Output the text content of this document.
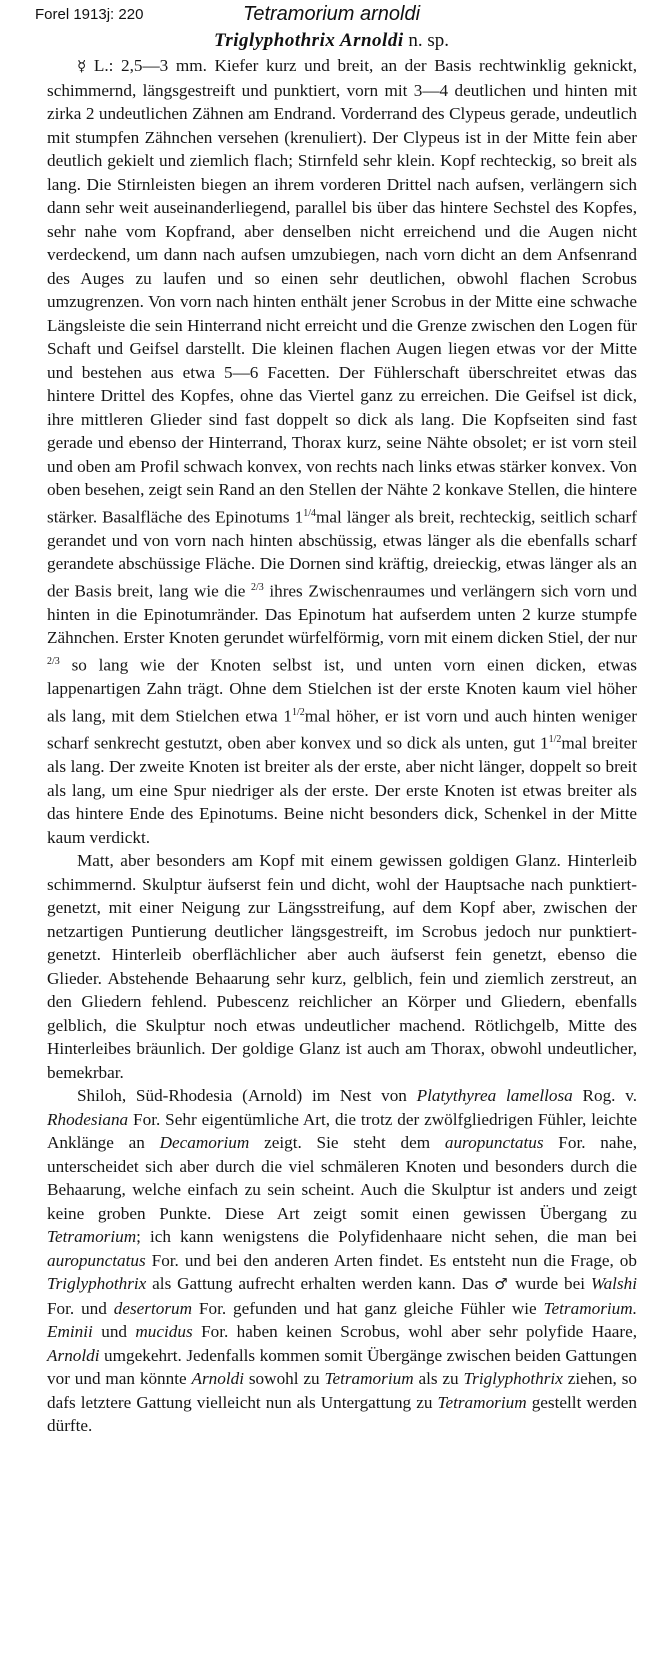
Forel 1913j: 220	Tetramorium arnoldi
Triglyphothrix Arnoldi n. sp.

☿ L.: 2,5—3 mm. Kiefer kurz und breit, an der Basis rechtwinklig geknickt, schimmernd, längsgestreift und punktiert, vorn mit 3—4 deutlichen und hinten mit zirka 2 undeutlichen Zähnen am Endrand. Vorderrand des Clypeus gerade, undeutlich mit stumpfen Zähnchen versehen (krenuliert). Der Clypeus ist in der Mitte fein aber deutlich gekielt und ziemlich flach; Stirnfeld sehr klein. Kopf rechteckig, so breit als lang. Die Stirnleisten biegen an ihrem vorderen Drittel nach aufsen, verlängern sich dann sehr weit auseinanderliegend, parallel bis über das hintere Sechstel des Kopfes, sehr nahe vom Kopfrand, aber denselben nicht erreichend und die Augen nicht verdeckend, um dann nach aufsen umzubiegen, nach vorn dicht an dem Anfsenrand des Auges zu laufen und so einen sehr deutlichen, obwohl flachen Scrobus umzugrenzen. Von vorn nach hinten enthält jener Scrobus in der Mitte eine schwache Längsleiste die sein Hinterrand nicht erreicht und die Grenze zwischen den Logen für Schaft und Geifsel darstellt. Die kleinen flachen Augen liegen etwas vor der Mitte und bestehen aus etwa 5—6 Facetten. Der Fühlerschaft überschreitet etwas das hintere Drittel des Kopfes, ohne das Viertel ganz zu erreichen. Die Geifsel ist dick, ihre mittleren Glieder sind fast doppelt so dick als lang. Die Kopfseiten sind fast gerade und ebenso der Hinterrand, Thorax kurz, seine Nähte obsolet; er ist vorn steil und oben am Profil schwach konvex, von rechts nach links etwas stärker konvex. Von oben besehen, zeigt sein Rand an den Stellen der Nähte 2 konkave Stellen, die hintere stärker. Basalfläche des Epinotums $1^{1/4}mal$ länger als breit, rechteckig, seitlich scharf gerandet und von vorn nach hinten abschüssig, etwas länger als die ebenfalls scharf gerandete abschüssige Fläche. Die Dornen sind kräftig, dreieckig, etwas länger als an der Basis breit, lang wie die $^{2/3}$ ihres Zwischenraumes und verlängern sich vorn und hinten in die Epinotumränder. Das Epinotum hat aufserdem unten 2 kurze stumpfe Zähnchen. Erster Knoten gerundet würfelförmig, vorn mit einem dicken Stiel, der nur $^{2/3}$ so lang wie der Knoten selbst ist, und unten vorn einen dicken, etwas lappenartigen Zahn trägt. Ohne dem Stielchen ist der erste Knoten kaum viel höher als lang, mit dem Stielchen etwa $1^{1/2}mal$ höher, er ist vorn und auch hinten weniger scharf senkrecht gestutzt, oben aber konvex und so dick als unten, gut $1^{1/2}mal$ breiter als lang. Der zweite Knoten ist breiter als der erste, aber nicht länger, doppelt so breit als lang, um eine Spur niedriger als der erste. Der erste Knoten ist etwas breiter als das hintere Ende des Epinotums. Beine nicht besonders dick, Schenkel in der Mitte kaum verdickt.

Matt, aber besonders am Kopf mit einem gewissen goldigen Glanz. Hinterleib schimmernd. Skulptur äufserst fein und dicht, wohl der Hauptsache nach punktiert-genetzt, mit einer Neigung zur Längsstreifung, auf dem Kopf aber, zwischen der netzartigen Puntierung deutlicher längsgestreift, im Scrobus jedoch nur punktiert-genetzt. Hinterleib oberflächlicher aber auch äufserst fein genetzt, ebenso die Glieder. Abstehende Behaarung sehr kurz, gelblich, fein und ziemlich zerstreut, an den Gliedern fehlend. Pubescenz reichlicher an Körper und Gliedern, ebenfalls gelblich, die Skulptur noch etwas undeutlicher machend. Rötlichgelb, Mitte des Hinterleibes bräunlich. Der goldige Glanz ist auch am Thorax, obwohl undeutlicher, bemekrbar.

Shiloh, Süd-Rhodesia (Arnold) im Nest von Platythyrea lamellosa Rog. v. Rhodesiana For. Sehr eigentümliche Art, die trotz der zwölfgliedrigen Fühler, leichte Anklänge an Decamorium zeigt. Sie steht dem auropunctatus For. nahe, unterscheidet sich aber durch die viel schmäleren Knoten und besonders durch die Behaarung, welche einfach zu sein scheint. Auch die Skulptur ist anders und zeigt keine groben Punkte. Diese Art zeigt somit einen gewissen Übergang zu Tetramorium; ich kann wenigstens die Polyfidenhaare nicht sehen, die man bei auropunctatus For. und bei den anderen Arten findet. Es entsteht nun die Frage, ob Triglyphothrix als Gattung aufrecht erhalten werden kann. Das ♂ wurde bei Walshi For. und desertorum For. gefunden und hat ganz gleiche Fühler wie Tetramorium. Eminii und mucidus For. haben keinen Scrobus, wohl aber sehr polyfide Haare, Arnoldi umgekehrt. Jedenfalls kommen somit Übergänge zwischen beiden Gattungen vor und man könnte Arnoldi sowohl zu Tetramorium als zu Triglyphothrix ziehen, so dafs letztere Gattung vielleicht nun als Untergattung zu Tetramorium gestellt werden dürfte.
